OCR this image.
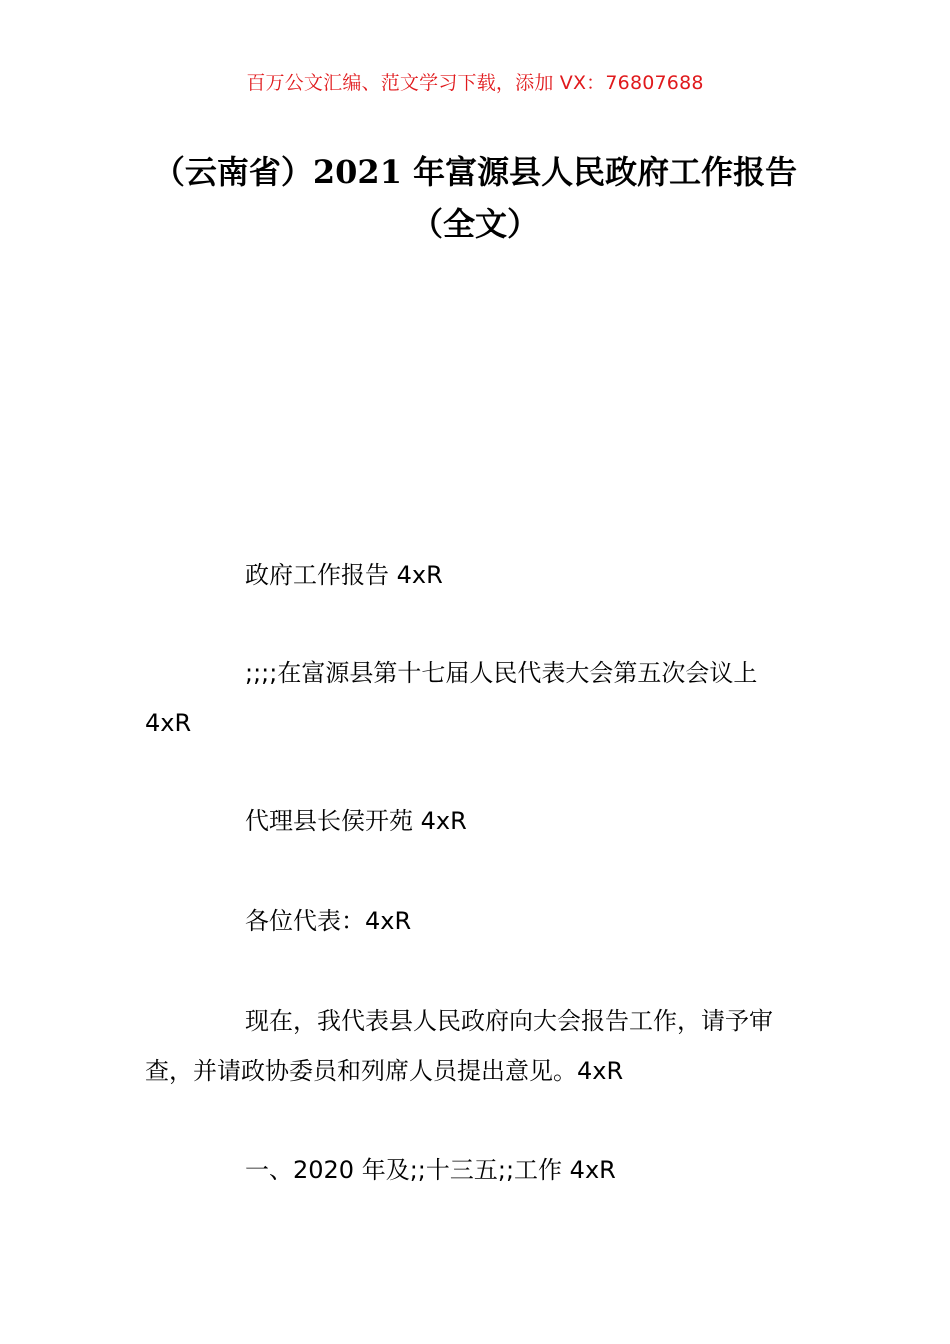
百万公文汇编、范文学习下载，添加 VX：76807688
（云南省）2021 年富源县人民政府工作报告（全文）

政府工作报告 4xR

;;;;在富源县第十七届人民代表大会第五次会议上 4xR

代理县长侯开苑 4xR

各位代表：4xR

现在，我代表县人民政府向大会报告工作，请予审查，并请政协委员和列席人员提出意见。4xR

一、2020 年及;;十三五;;工作 4xR
